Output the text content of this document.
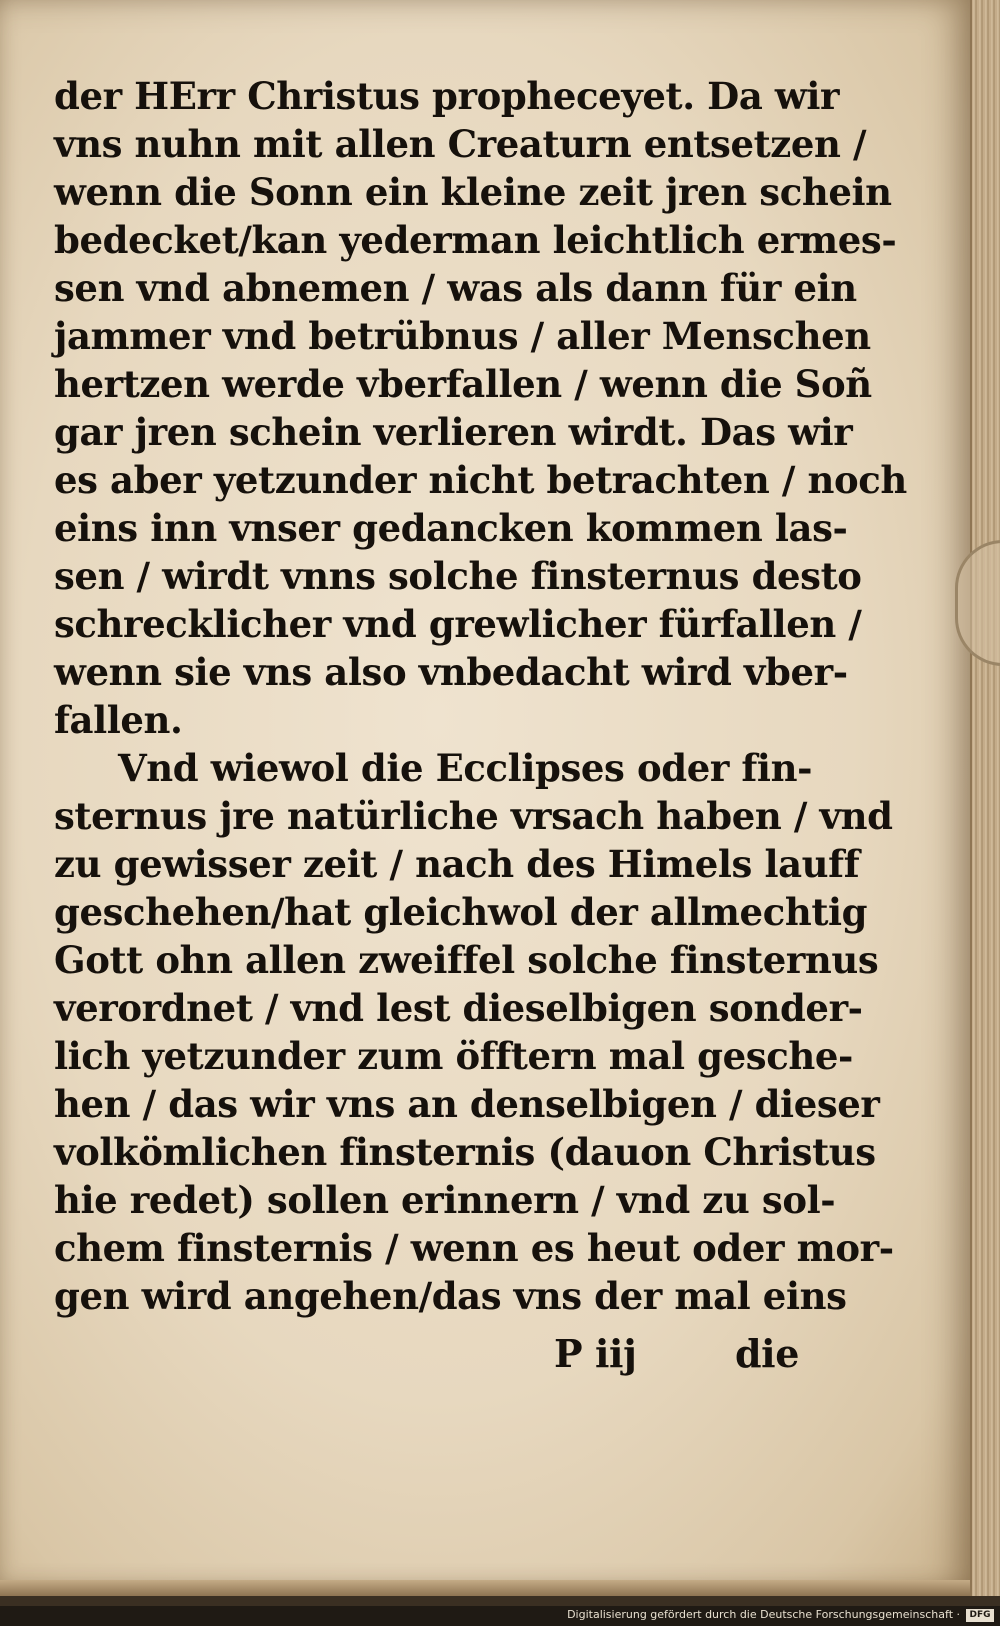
der HErr Christus propheceyet. Da wir
vns nuhn mit allen Creaturn entsetzen /
wenn die Sonn ein kleine zeit jren schein
bedecket/kan yederman leichtlich ermes-
sen vnd abnemen / was als dann für ein
jammer vnd betrübnus / aller Menschen
hertzen werde vberfallen / wenn die Soñ
gar jren schein verlieren wirdt. Das wir
es aber yetzunder nicht betrachten / noch
eins inn vnser gedancken kommen las-
sen / wirdt vnns solche finsternus desto
schrecklicher vnd grewlicher fürfallen /
wenn sie vns also vnbedacht wird vber-
fallen.
Vnd wiewol die Ecclipses oder fin-
sternus jre natürliche vrsach haben / vnd
zu gewisser zeit / nach des Himels lauff
geschehen/hat gleichwol der allmechtig
Gott ohn allen zweiffel solche finsternus
verordnet / vnd lest dieselbigen sonder-
lich yetzunder zum öfftern mal gesche-
hen / das wir vns an denselbigen / dieser
volkömlichen finsternis (dauon Christus
hie redet) sollen erinnern / vnd zu sol-
chem finsternis / wenn es heut oder mor-
gen wird angehen/das vns der mal eins
P iij	die
Digitalisierung gefördert durch die Deutsche Forschungsgemeinschaft ·	DFG
